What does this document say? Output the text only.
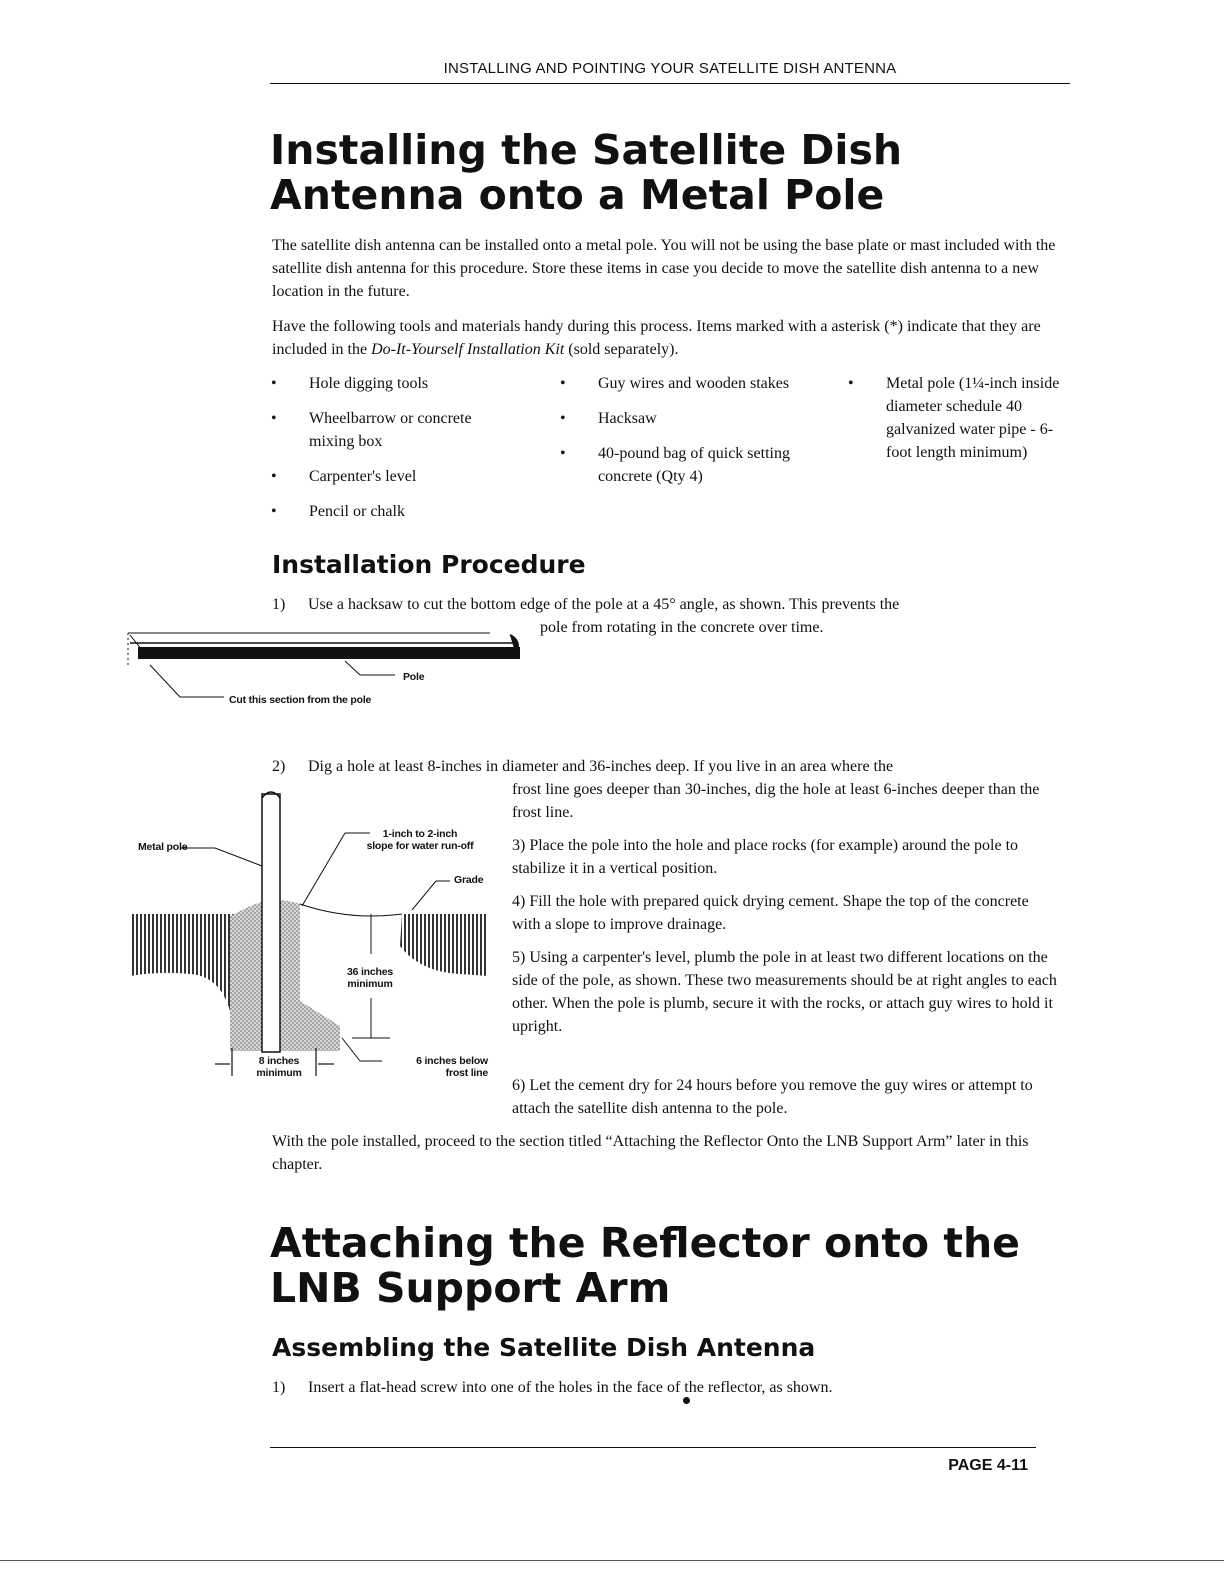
INSTALLING AND POINTING YOUR SATELLITE DISH ANTENNA
Installing the Satellite Dish
Antenna onto a Metal Pole

The satellite dish antenna can be installed onto a metal pole. You will not be using the base plate or mast included with the satellite dish antenna for this procedure. Store these items in case you decide to move the satellite dish antenna to a new location in the future.

Have the following tools and materials handy during this process. Items marked with a asterisk (*) indicate that they are included in the Do-It-Yourself Installation Kit (sold separately).

• Hole digging tools
• Wheelbarrow or concrete mixing box
• Carpenter's level
• Pencil or chalk
• Guy wires and wooden stakes
• Hacksaw
• 40-pound bag of quick setting concrete (Qty 4)
• Metal pole (1¼-inch inside diameter schedule 40 galvanized water pipe - 6-foot length minimum)
Installation Procedure
1) Use a hacksaw to cut the bottom edge of the pole at a 45° angle, as shown. This prevents the
pole from rotating in the concrete over time.
Pole
Cut this section from the pole
2) Dig a hole at least 8-inches in diameter and 36-inches deep. If you live in an area where the
frost line goes deeper than 30-inches, dig the hole at least 6-inches deeper than the frost line.
Metal pole
1-inch to 2-inch
slope for water run-off
Grade
36 inches
minimum
8 inches
minimum
6 inches below
frost line
3) Place the pole into the hole and place rocks (for example) around the pole to stabilize it in a vertical position.
4) Fill the hole with prepared quick drying cement. Shape the top of the concrete with a slope to improve drainage.
5) Using a carpenter's level, plumb the pole in at least two different locations on the side of the pole, as shown. These two measurements should be at right angles to each other. When the pole is plumb, secure it with the rocks, or attach guy wires to hold it upright.
6) Let the cement dry for 24 hours before you remove the guy wires or attempt to attach the satellite dish antenna to the pole.

With the pole installed, proceed to the section titled “Attaching the Reflector Onto the LNB Support Arm” later in this chapter.

Attaching the Reflector onto the
LNB Support Arm
Assembling the Satellite Dish Antenna
1) Insert a flat-head screw into one of the holes in the face of the reflector, as shown.
PAGE 4-11
